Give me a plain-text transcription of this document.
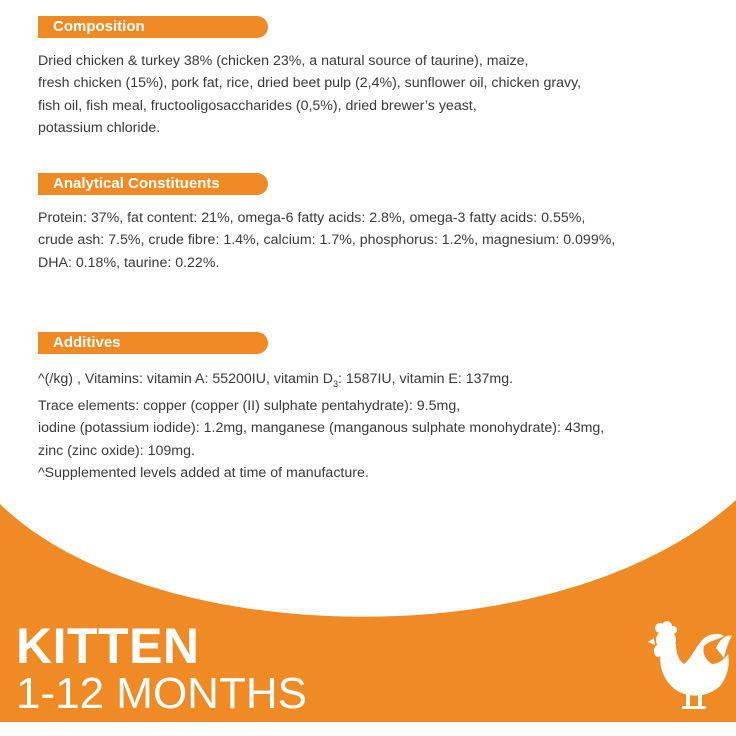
Composition
Dried chicken & turkey 38% (chicken 23%, a natural source of taurine), maize,
fresh chicken (15%), pork fat, rice, dried beet pulp (2,4%), sunflower oil, chicken gravy,
fish oil, fish meal, fructooligosaccharides (0,5%), dried brewer’s yeast,
potassium chloride.
Analytical Constituents
Protein: 37%, fat content: 21%, omega-6 fatty acids: 2.8%, omega-3 fatty acids: 0.55%,
crude ash: 7.5%, crude fibre: 1.4%, calcium: 1.7%, phosphorus: 1.2%, magnesium: 0.099%,
DHA: 0.18%, taurine: 0.22%.
Additives
^(/kg) , Vitamins: vitamin A: 55200IU, vitamin $D_3$: 1587IU, vitamin E: 137mg.
Trace elements: copper (copper (II) sulphate pentahydrate): 9.5mg,
iodine (potassium iodide): 1.2mg, manganese (manganous sulphate monohydrate): 43mg,
zinc (zinc oxide): 109mg.
^Supplemented levels added at time of manufacture.
KITTEN
1-12 MONTHS
